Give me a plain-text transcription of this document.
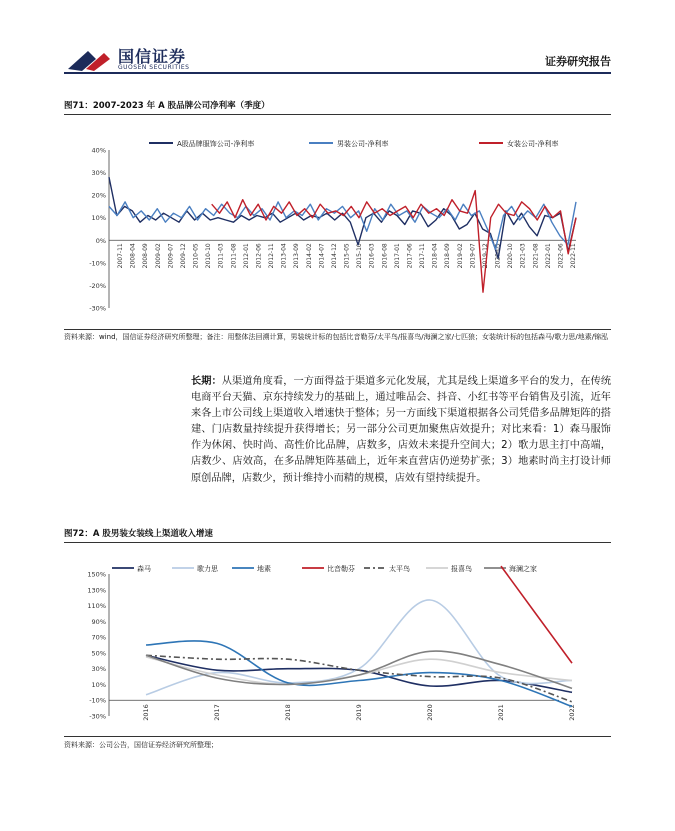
国信证券
GUOSEN SECURITIES	证券研究报告
图71：2007-2023 年 A 股品牌公司净利率（季度）
A股品牌服饰公司-净利率	男装公司-净利率	女装公司-净利率
40%
30%
20%
10%
0%
-10%
-20%
-30%
2007-11 2008-04 2008-09 2009-02 2009-07 2009-12 2010-05 2010-10 2011-03 2011-08 2012-01 2012-06 2012-11 2013-04 2013-09 2014-02 2014-07 2014-12 2015-05 2015-10 2016-03 2016-08 2017-01 2017-06 2017-11 2018-04 2018-09 2019-02 2019-07 2019-12 2020-05 2020-10 2021-03 2021-08 2022-01 2022-06 2022-11
资料来源：wind，国信证券经济研究所整理；备注：用整体法回溯计算，男装统计标的包括比音勒芬/太平鸟/报喜鸟/海澜之家/七匹狼；女装统计标的包括森马/歌力思/地素/锦泓
长期：从渠道角度看，一方面得益于渠道多元化发展，尤其是线上渠道多平台的发力，在传统电商平台天猫、京东持续发力的基础上，通过唯品会、抖音、小红书等平台销售及引流，近年来各上市公司线上渠道收入增速快于整体；另一方面线下渠道根据各公司凭借多品牌矩阵的搭建、门店数量持续提升获得增长；另一部分公司更加聚焦店效提升；对比来看：1）森马服饰作为休闲、快时尚、高性价比品牌，店数多，店效未来提升空间大；2）歌力思主打中高端，店数少、店效高，在多品牌矩阵基础上，近年来直营店仍逆势扩张；3）地素时尚主打设计师原创品牌，店数少，预计维持小而精的规模，店效有望持续提升。
图72：A 股男装女装线上渠道收入增速
森马	歌力思	地素	比音勒芬	太平鸟	报喜鸟	海澜之家
150%
130%
110%
90%
70%
50%
30%
10%
-10%
-30%	2016	2017	2018	2019	2020	2021	2022
资料来源：公司公告，国信证券经济研究所整理；
